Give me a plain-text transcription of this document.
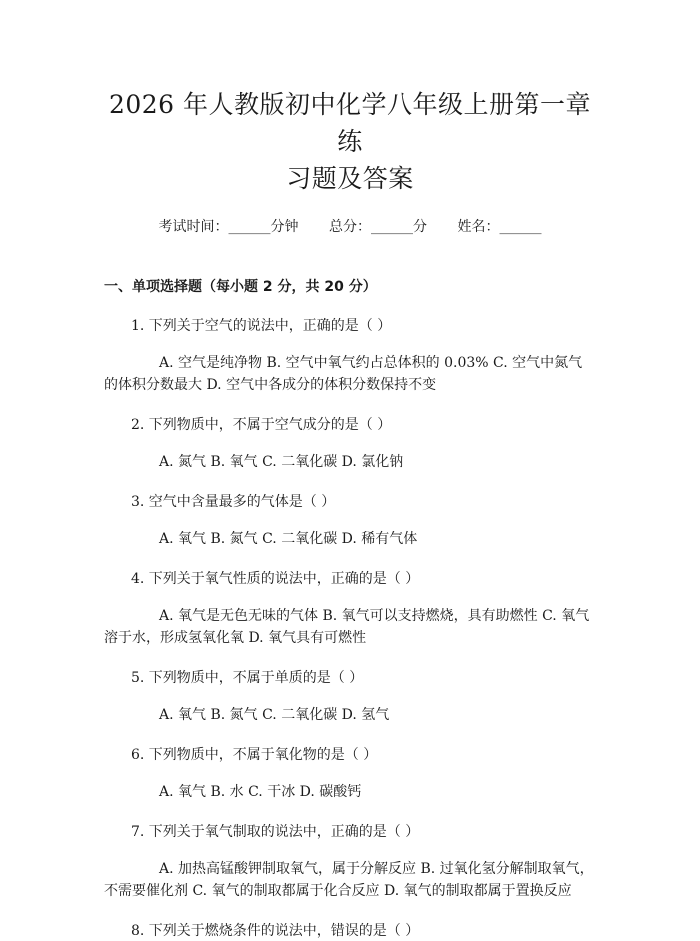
2026 年人教版初中化学八年级上册第一章练
习题及答案
考试时间：______分钟 总分：______分 姓名：______
一、单项选择题（每小题 2 分，共 20 分）
1. 下列关于空气的说法中，正确的是（ ）
A. 空气是纯净物 B. 空气中氧气约占总体积的 0.03% C. 空气中氮气的体积分数最大 D. 空气中各成分的体积分数保持不变
2. 下列物质中，不属于空气成分的是（ ）
A. 氮气 B. 氧气 C. 二氧化碳 D. 氯化钠
3. 空气中含量最多的气体是（ ）
A. 氧气 B. 氮气 C. 二氧化碳 D. 稀有气体
4. 下列关于氧气性质的说法中，正确的是（ ）
A. 氧气是无色无味的气体 B. 氧气可以支持燃烧，具有助燃性 C. 氧气溶于水，形成氢氧化氧 D. 氧气具有可燃性
5. 下列物质中，不属于单质的是（ ）
A. 氧气 B. 氮气 C. 二氧化碳 D. 氢气
6. 下列物质中，不属于氧化物的是（ ）
A. 氧气 B. 水 C. 干冰 D. 碳酸钙
7. 下列关于氧气制取的说法中，正确的是（ ）
A. 加热高锰酸钾制取氧气，属于分解反应 B. 过氧化氢分解制取氧气，不需要催化剂 C. 氧气的制取都属于化合反应 D. 氧气的制取都属于置换反应
8. 下列关于燃烧条件的说法中，错误的是（ ）
